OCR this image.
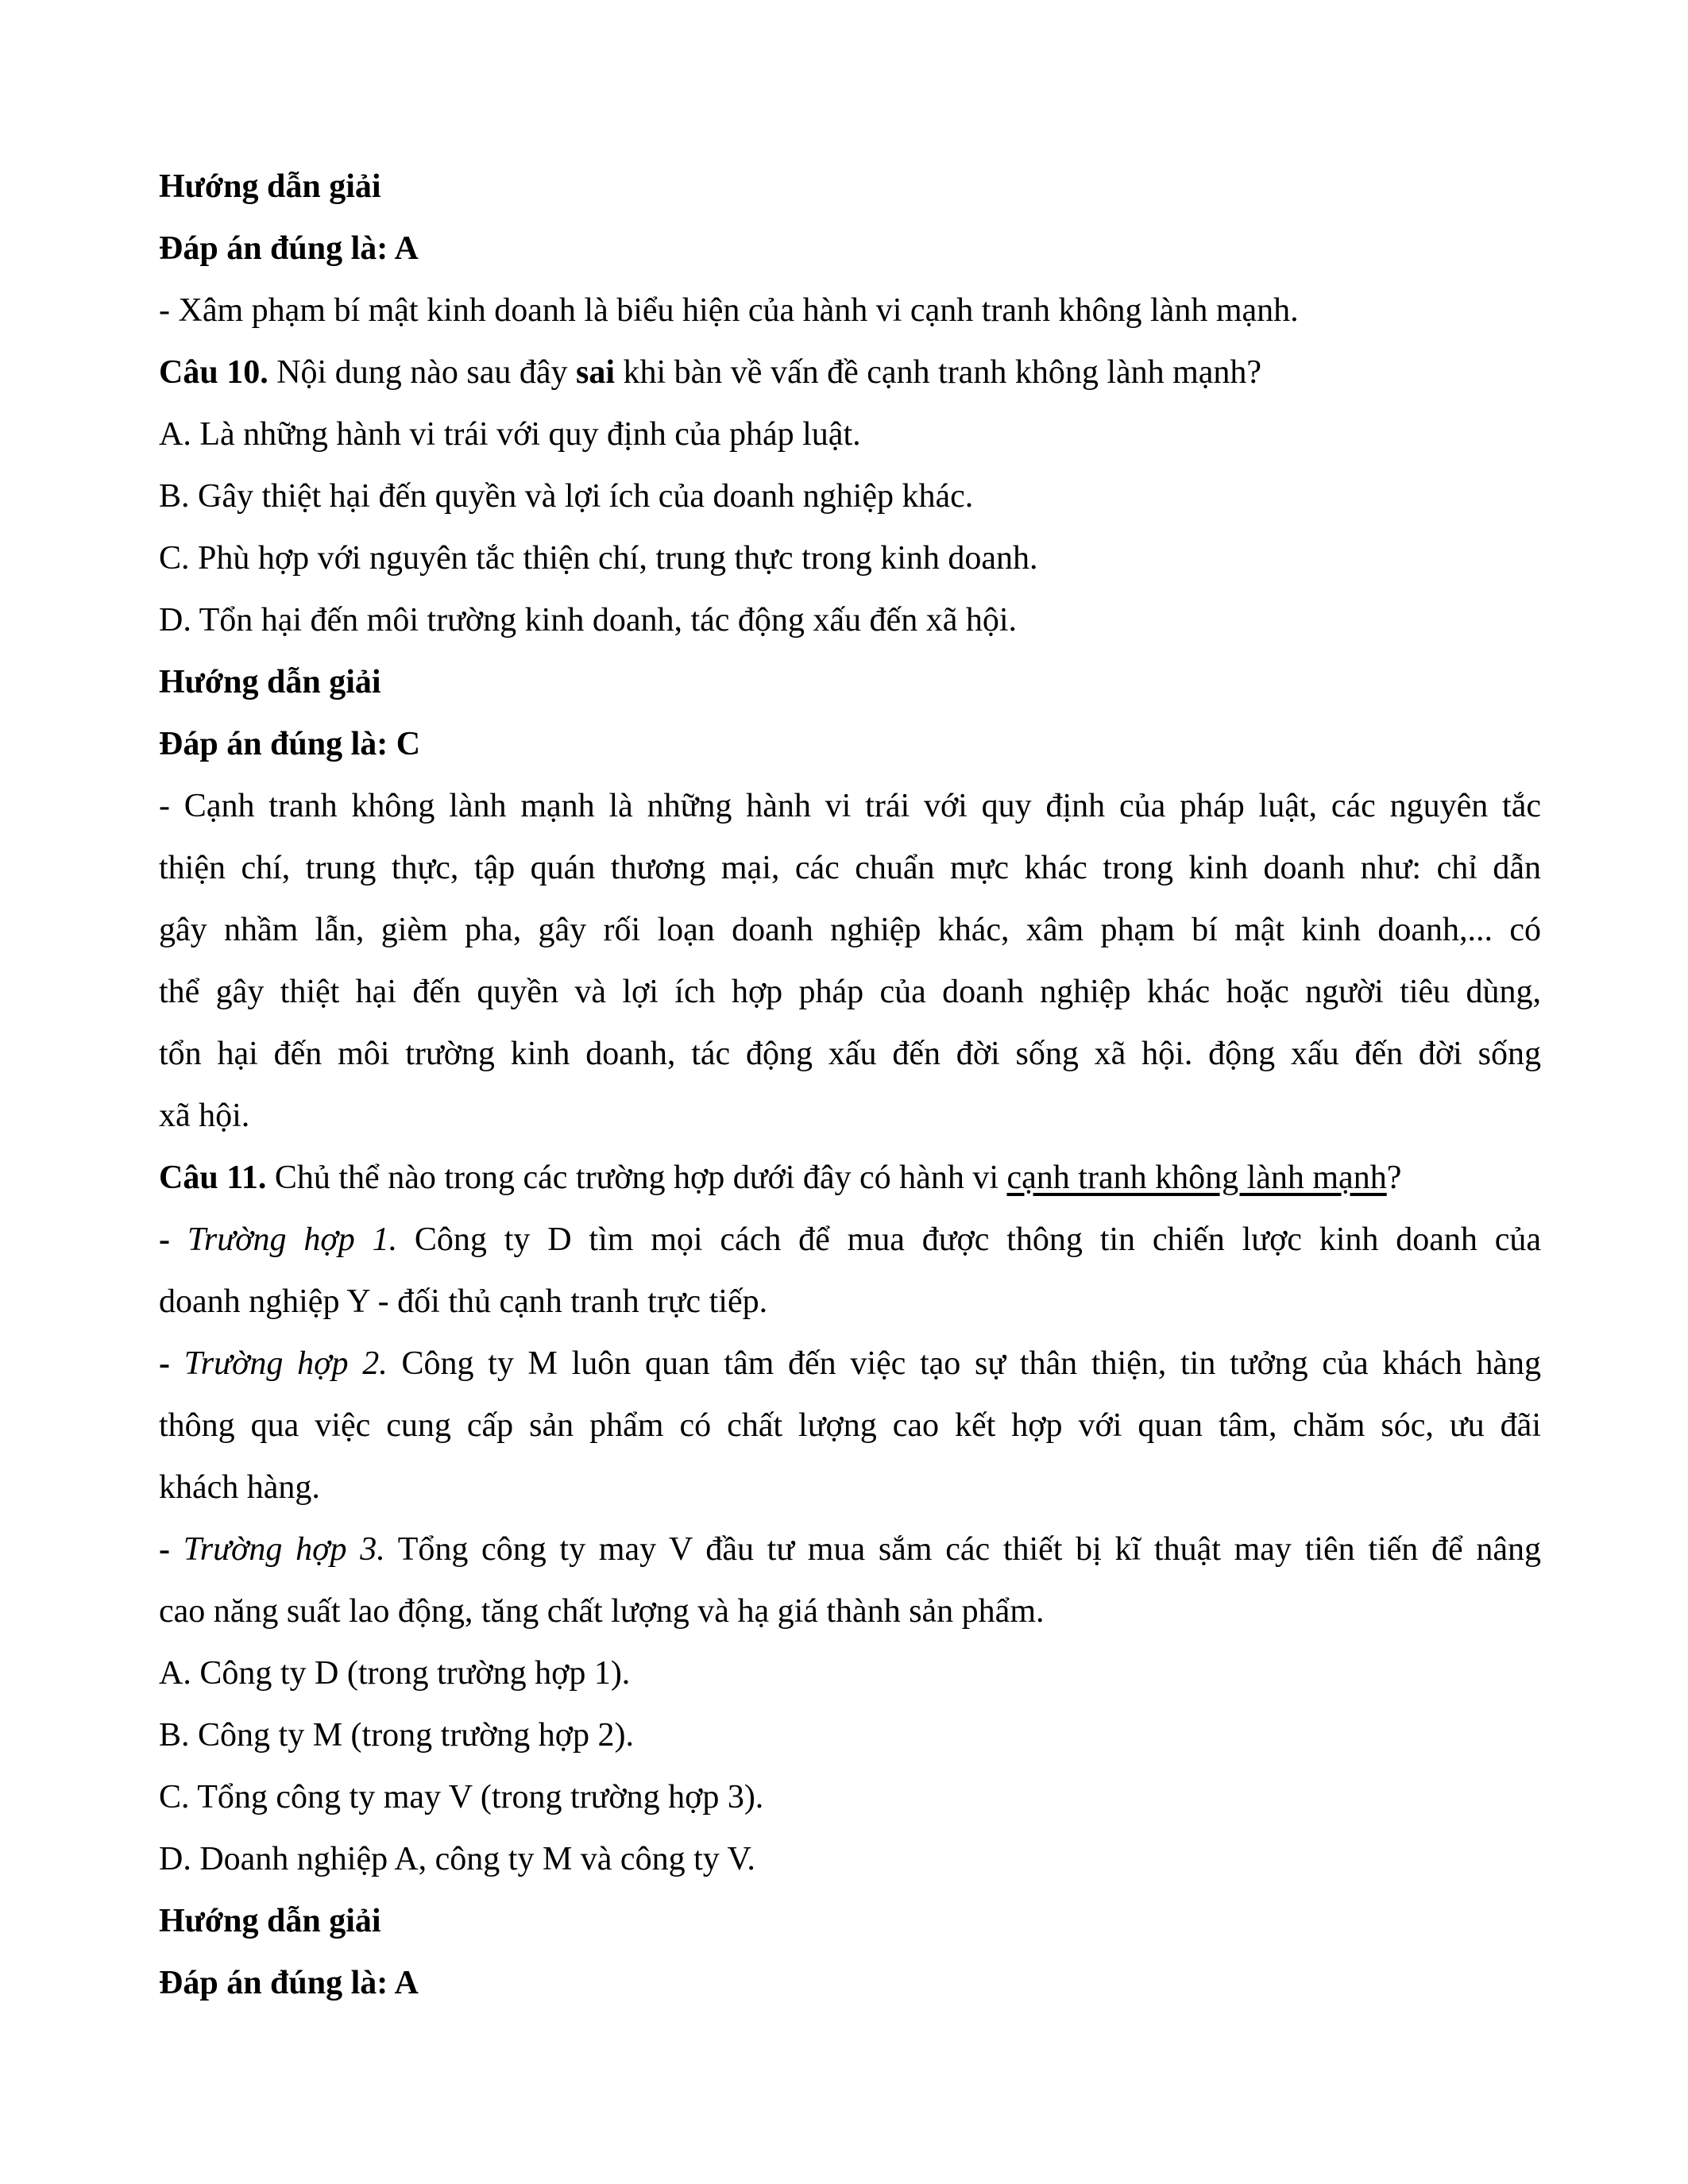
Hướng dẫn giải
Đáp án đúng là: A
- Xâm phạm bí mật kinh doanh là biểu hiện của hành vi cạnh tranh không lành mạnh.
Câu 10. Nội dung nào sau đây sai khi bàn về vấn đề cạnh tranh không lành mạnh?
A. Là những hành vi trái với quy định của pháp luật.
B. Gây thiệt hại đến quyền và lợi ích của doanh nghiệp khác.
C. Phù hợp với nguyên tắc thiện chí, trung thực trong kinh doanh.
D. Tổn hại đến môi trường kinh doanh, tác động xấu đến xã hội.
Hướng dẫn giải
Đáp án đúng là: C
- Cạnh tranh không lành mạnh là những hành vi trái với quy định của pháp luật, các nguyên tắc
thiện chí, trung thực, tập quán thương mại, các chuẩn mực khác trong kinh doanh như: chỉ dẫn
gây nhầm lẫn, gièm pha, gây rối loạn doanh nghiệp khác, xâm phạm bí mật kinh doanh,... có
thể gây thiệt hại đến quyền và lợi ích hợp pháp của doanh nghiệp khác hoặc người tiêu dùng,
tổn hại đến môi trường kinh doanh, tác động xấu đến đời sống xã hội. động xấu đến đời sống
xã hội.
Câu 11. Chủ thể nào trong các trường hợp dưới đây có hành vi cạnh tranh không lành mạnh?
- Trường hợp 1. Công ty D tìm mọi cách để mua được thông tin chiến lược kinh doanh của
doanh nghiệp Y - đối thủ cạnh tranh trực tiếp.
- Trường hợp 2. Công ty M luôn quan tâm đến việc tạo sự thân thiện, tin tưởng của khách hàng
thông qua việc cung cấp sản phẩm có chất lượng cao kết hợp với quan tâm, chăm sóc, ưu đãi
khách hàng.
- Trường hợp 3. Tổng công ty may V đầu tư mua sắm các thiết bị kĩ thuật may tiên tiến để nâng
cao năng suất lao động, tăng chất lượng và hạ giá thành sản phẩm.
A. Công ty D (trong trường hợp 1).
B. Công ty M (trong trường hợp 2).
C. Tổng công ty may V (trong trường hợp 3).
D. Doanh nghiệp A, công ty M và công ty V.
Hướng dẫn giải
Đáp án đúng là: A
